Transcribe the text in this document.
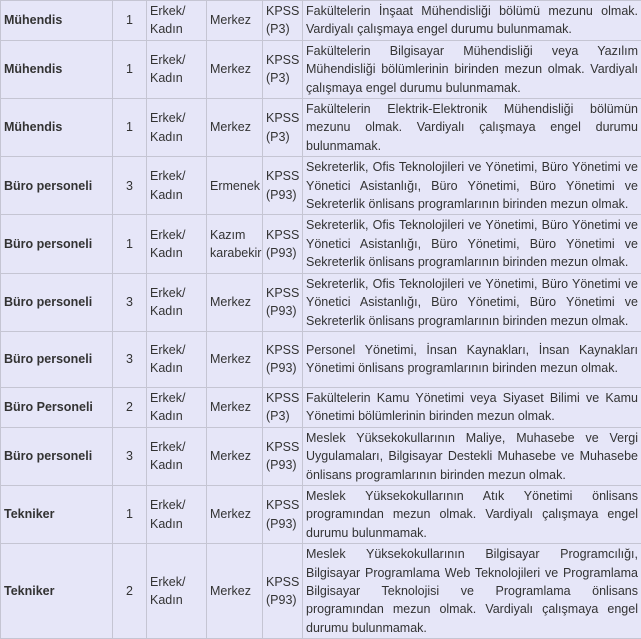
Mühendis	1	Erkek/ Kadın	Merkez	KPSS (P3)	Fakültelerin İnşaat Mühendisliği bölümü mezunu olmak. Vardiyalı çalışmaya engel durumu bulunmamak.
Mühendis	1	Erkek/ Kadın	Merkez	KPSS (P3)	Fakültelerin Bilgisayar Mühendisliği veya Yazılım Mühendisliği bölümlerinin birinden mezun olmak. Vardiyalı çalışmaya engel durumu bulunmamak.
Mühendis	1	Erkek/ Kadın	Merkez	KPSS (P3)	Fakültelerin Elektrik-Elektronik Mühendisliği bölümün mezunu olmak. Vardiyalı çalışmaya engel durumu bulunmamak.
Büro personeli	3	Erkek/ Kadın	Ermenek	KPSS (P93)	Sekreterlik, Ofis Teknolojileri ve Yönetimi, Büro Yönetimi ve Yönetici Asistanlığı, Büro Yönetimi, Büro Yönetimi ve Sekreterlik önlisans programlarının birinden mezun olmak.
Büro personeli	1	Erkek/ Kadın	Kazım karabekir	KPSS (P93)	Sekreterlik, Ofis Teknolojileri ve Yönetimi, Büro Yönetimi ve Yönetici Asistanlığı, Büro Yönetimi, Büro Yönetimi ve Sekreterlik önlisans programlarının birinden mezun olmak.
Büro personeli	3	Erkek/ Kadın	Merkez	KPSS (P93)	Sekreterlik, Ofis Teknolojileri ve Yönetimi, Büro Yönetimi ve Yönetici Asistanlığı, Büro Yönetimi, Büro Yönetimi ve Sekreterlik önlisans programlarının birinden mezun olmak.
Büro personeli	3	Erkek/ Kadın	Merkez	KPSS (P93)	Personel Yönetimi, İnsan Kaynakları, İnsan Kaynakları Yönetimi önlisans programlarının birinden mezun olmak.
Büro Personeli	2	Erkek/ Kadın	Merkez	KPSS (P3)	Fakültelerin Kamu Yönetimi veya Siyaset Bilimi ve Kamu Yönetimi bölümlerinin birinden mezun olmak.
Büro personeli	3	Erkek/ Kadın	Merkez	KPSS (P93)	Meslek Yüksekokullarının Maliye, Muhasebe ve Vergi Uygulamaları, Bilgisayar Destekli Muhasebe ve Muhasebe önlisans programlarının birinden mezun olmak.
Tekniker	1	Erkek/ Kadın	Merkez	KPSS (P93)	Meslek Yüksekokullarının Atık Yönetimi önlisans programından mezun olmak. Vardiyalı çalışmaya engel durumu bulunmamak.
Tekniker	2	Erkek/ Kadın	Merkez	KPSS (P93)	Meslek Yüksekokullarının Bilgisayar Programcılığı, Bilgisayar Programlama Web Teknolojileri ve Programlama Bilgisayar Teknolojisi ve Programlama önlisans programından mezun olmak. Vardiyalı çalışmaya engel durumu bulunmamak.
